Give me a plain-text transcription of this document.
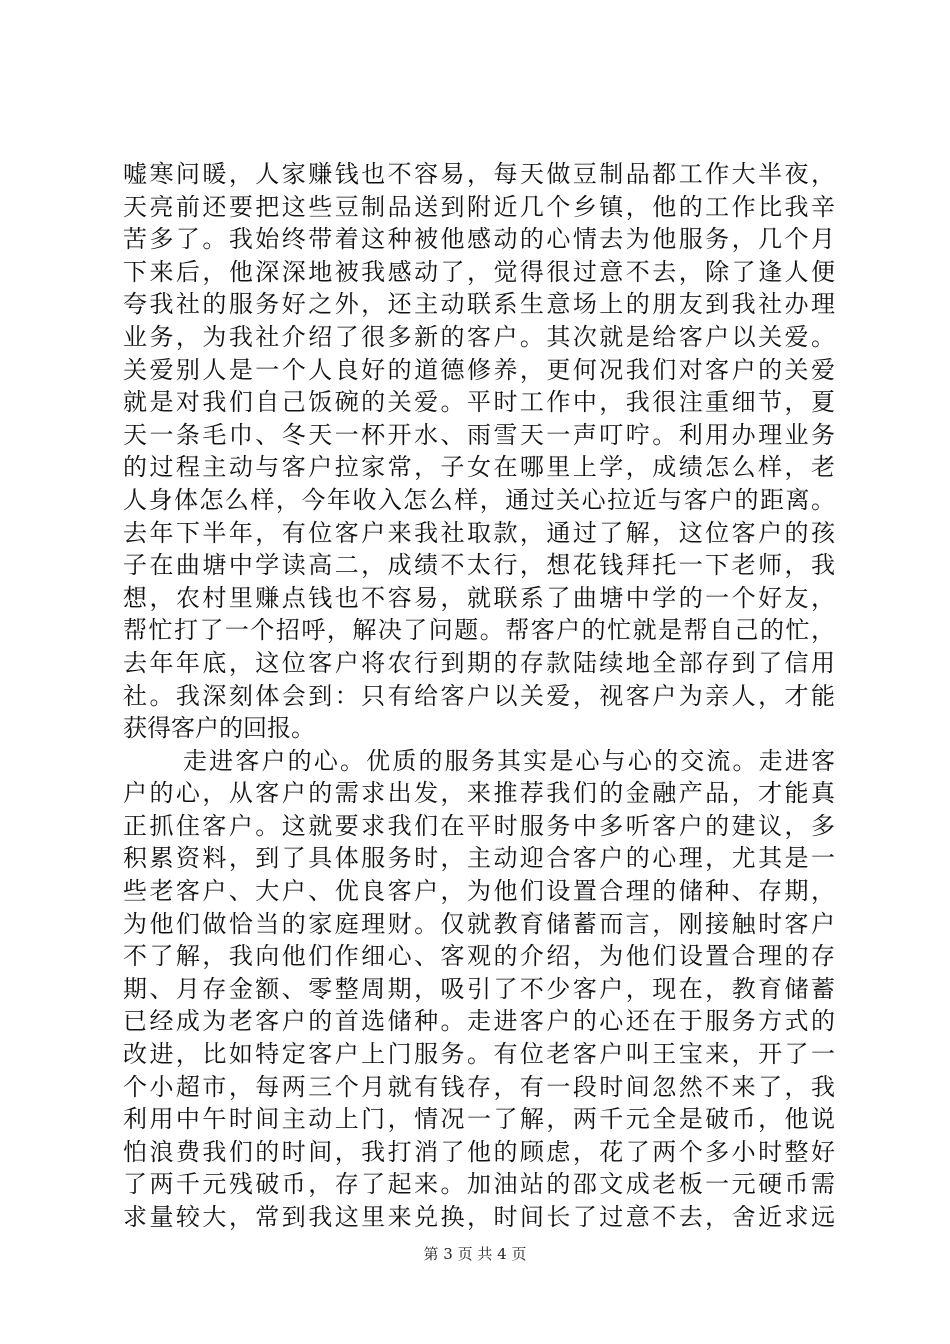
嘘寒问暖，人家赚钱也不容易，每天做豆制品都工作大半夜，
天亮前还要把这些豆制品送到附近几个乡镇，他的工作比我辛
苦多了。我始终带着这种被他感动的心情去为他服务，几个月
下来后，他深深地被我感动了，觉得很过意不去，除了逢人便
夸我社的服务好之外，还主动联系生意场上的朋友到我社办理
业务，为我社介绍了很多新的客户。其次就是给客户以关爱。
关爱别人是一个人良好的道德修养，更何况我们对客户的关爱
就是对我们自己饭碗的关爱。平时工作中，我很注重细节，夏
天一条毛巾、冬天一杯开水、雨雪天一声叮咛。利用办理业务
的过程主动与客户拉家常，子女在哪里上学，成绩怎么样，老
人身体怎么样，今年收入怎么样，通过关心拉近与客户的距离。
去年下半年，有位客户来我社取款，通过了解，这位客户的孩
子在曲塘中学读高二，成绩不太行，想花钱拜托一下老师，我
想，农村里赚点钱也不容易，就联系了曲塘中学的一个好友，
帮忙打了一个招呼，解决了问题。帮客户的忙就是帮自己的忙，
去年年底，这位客户将农行到期的存款陆续地全部存到了信用
社。我深刻体会到：只有给客户以关爱，视客户为亲人，才能
获得客户的回报。
走进客户的心。优质的服务其实是心与心的交流。走进客
户的心，从客户的需求出发，来推荐我们的金融产品，才能真
正抓住客户。这就要求我们在平时服务中多听客户的建议，多
积累资料，到了具体服务时，主动迎合客户的心理，尤其是一
些老客户、大户、优良客户，为他们设置合理的储种、存期，
为他们做恰当的家庭理财。仅就教育储蓄而言，刚接触时客户
不了解，我向他们作细心、客观的介绍，为他们设置合理的存
期、月存金额、零整周期，吸引了不少客户，现在，教育储蓄
已经成为老客户的首选储种。走进客户的心还在于服务方式的
改进，比如特定客户上门服务。有位老客户叫王宝来，开了一
个小超市，每两三个月就有钱存，有一段时间忽然不来了，我
利用中午时间主动上门，情况一了解，两千元全是破币，他说
怕浪费我们的时间，我打消了他的顾虑，花了两个多小时整好
了两千元残破币，存了起来。加油站的邵文成老板一元硬币需
求量较大，常到我这里来兑换，时间长了过意不去，舍近求远
第 3 页 共 4 页
